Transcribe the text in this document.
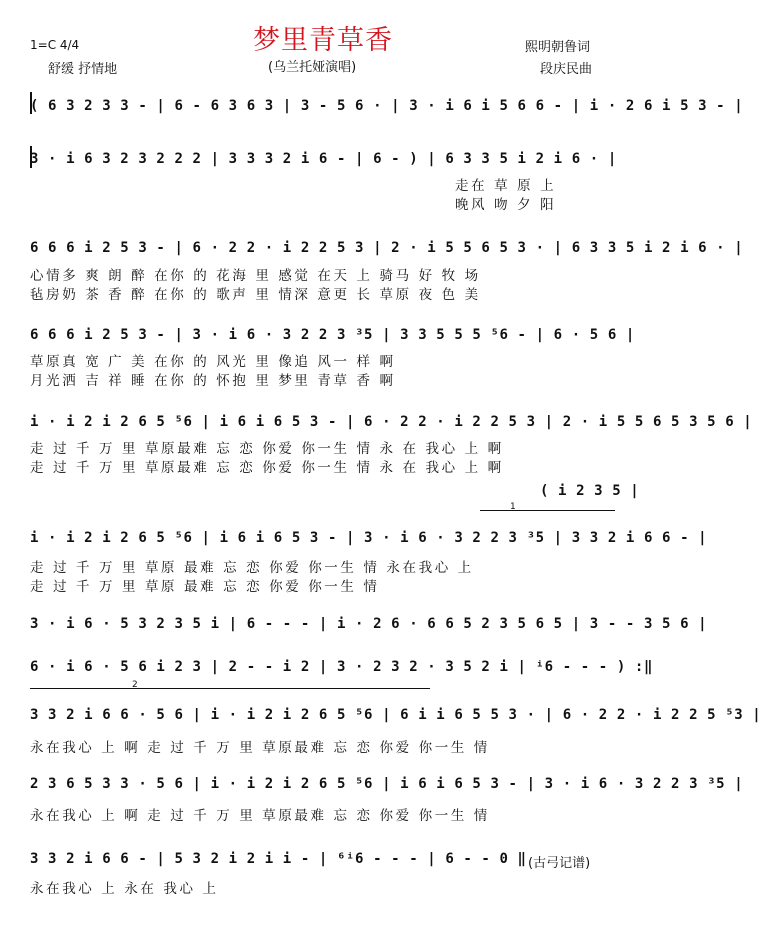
梦里青草香
1=C 4/4
舒缓 抒情地	(乌兰托娅演唱)
熙明朝鲁词
段庆民曲
( 6 3 2 3 3 - | 6 - 6 3 6 3 | 3 - 5 6 · | 3 · i 6 i 5 6 6 - | i · 2 6 i 5 3 - |
3 · i 6 3 2 3 2 2 2 | 3 3 3 2 i 6 - | 6 - ) | 6 3 3 5 i 2 i 6 · |
走在 草 原 上
晚风 吻 夕 阳
6 6 6 i 2 5 3 - | 6 · 2 2 · i 2 2 5 3 | 2 · i 5 5 6 5 3 · | 6 3 3 5 i 2 i 6 · |
心情多 爽 朗 醉 在你 的 花海 里 感觉 在天 上 骑马 好 牧 场
毡房奶 茶 香 醉 在你 的 歌声 里 情深 意更 长 草原 夜 色 美
6 6 6 i 2 5 3 - | 3 · i 6 · 3 2 2 3 ³5 | 3 3 5 5 5 ⁵6 - | 6 · 5 6 |
草原真 宽 广 美 在你 的 风光 里 像追 风一 样 啊
月光洒 吉 祥 睡 在你 的 怀抱 里 梦里 青草 香 啊
i · i 2 i 2 6 5 ⁵6 | i 6 i 6 5 3 - | 6 · 2 2 · i 2 2 5 3 | 2 · i 5 5 6 5 3 5 6 |
走 过 千 万 里 草原最难 忘 恋 你爱 你一生 情 永 在 我心 上 啊
走 过 千 万 里 草原最难 忘 恋 你爱 你一生 情 永 在 我心 上 啊
( i 2 3 5 |
1
i · i 2 i 2 6 5 ⁵6 | i 6 i 6 5 3 - | 3 · i 6 · 3 2 2 3 ³5 | 3 3 2 i 6 6 - |
走 过 千 万 里 草原 最难 忘 恋 你爱 你一生 情 永在我心 上
走 过 千 万 里 草原 最难 忘 恋 你爱 你一生 情
3 · i 6 · 5 3 2 3 5 i | 6 - - - | i · 2 6 · 6 6 5 2 3 5 6 5 | 3 - - 3 5 6 |
6 · i 6 · 5 6 i 2 3 | 2 - - i 2 | 3 · 2 3 2 · 3 5 2 i | ⁱ6 - - - ) :‖
2
3 3 2 i 6 6 · 5 6 | i · i 2 i 2 6 5 ⁵6 | 6 i i 6 5 5 3 · | 6 · 2 2 · i 2 2 5 ⁵3 |
永在我心 上 啊 走 过 千 万 里 草原最难 忘 恋 你爱 你一生 情
2 3 6 5 3 3 · 5 6 | i · i 2 i 2 6 5 ⁵6 | i 6 i 6 5 3 - | 3 · i 6 · 3 2 2 3 ³5 |
永在我心 上 啊 走 过 千 万 里 草原最难 忘 恋 你爱 你一生 情
3 3 2 i 6 6 - | 5 3 2 i 2 i i - | ⁶ⁱ6 - - - | 6 - - 0 ‖
永在我心 上 永在 我心 上
(古弓记谱)
